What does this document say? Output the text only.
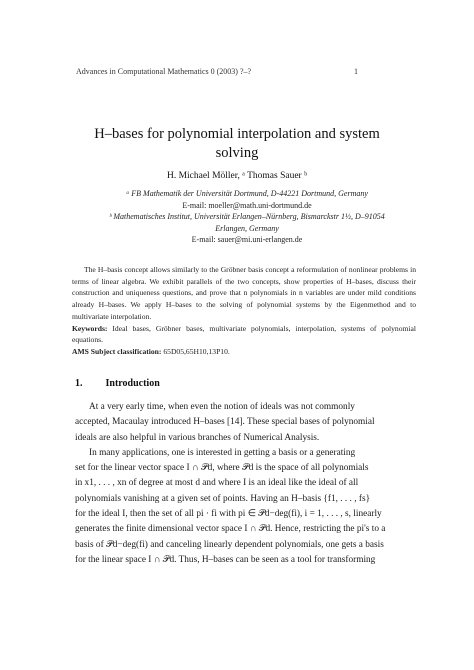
Advances in Computational Mathematics 0 (2003) ?–?	1
H–bases for polynomial interpolation and system
solving
H. Michael Möller, ᵃ Thomas Sauer ᵇ
ᵃ FB Mathematik der Universität Dortmund, D-44221 Dortmund, Germany
E-mail: moeller@math.uni-dortmund.de
ᵇ Mathematisches Institut, Universität Erlangen–Nürnberg, Bismarckstr 1½, D–91054
Erlangen, Germany
E-mail: sauer@mi.uni-erlangen.de

The H–basis concept allows similarly to the Gröbner basis concept a reformulation of nonlinear problems in terms of linear algebra. We exhibit parallels of the two concepts, show properties of H–bases, discuss their construction and uniqueness questions, and prove that n polynomials in n variables are under mild conditions already H–bases. We apply H–bases to the solving of polynomial systems by the Eigenmethod and to multivariate interpolation.

Keywords: Ideal bases, Gröbner bases, multivariate polynomials, interpolation, systems of polynomial equations.

AMS Subject classification: 65D05,65H10,13P10.

1. Introduction
At a very early time, when even the notion of ideals was not commonly
accepted, Macaulay introduced H–bases [14]. These special bases of polynomial
ideals are also helpful in various branches of Numerical Analysis.
In many applications, one is interested in getting a basis or a generating
set for the linear vector space I ∩ 𝒫d, where 𝒫d is the space of all polynomials
in x1, . . . , xn of degree at most d and where I is an ideal like the ideal of all
polynomials vanishing at a given set of points. Having an H–basis {f1, . . . , fs}
for the ideal I, then the set of all pi · fi with pi ∈ 𝒫d−deg(fi), i = 1, . . . , s, linearly
generates the finite dimensional vector space I ∩ 𝒫d. Hence, restricting the pi's to a
basis of 𝒫d−deg(fi) and canceling linearly dependent polynomials, one gets a basis
for the linear space I ∩ 𝒫d. Thus, H–bases can be seen as a tool for transforming
